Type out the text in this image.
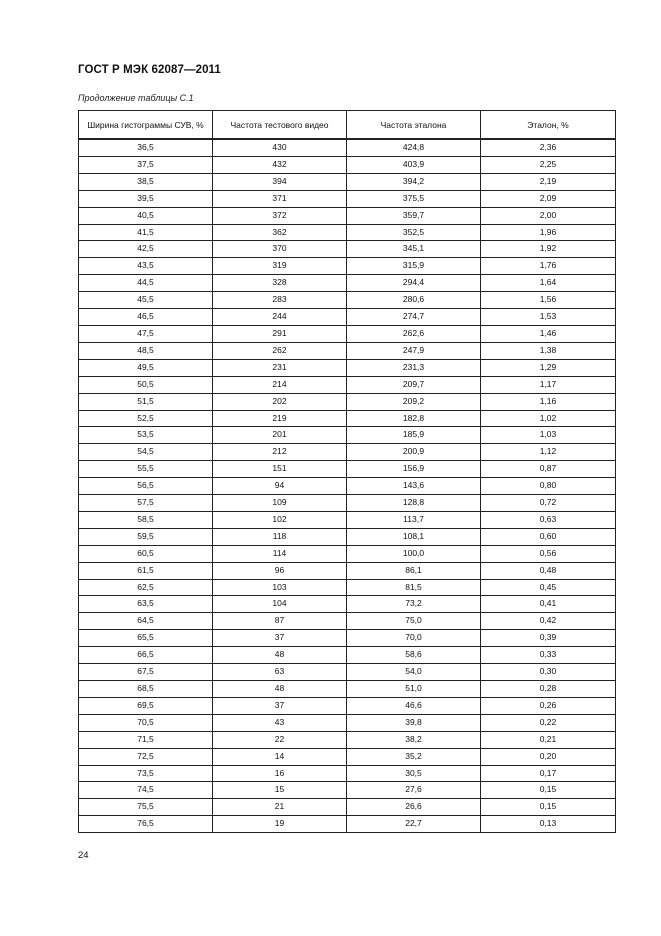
ГОСТ Р МЭК 62087—2011
Продолжение таблицы С.1
Ширина гистограммы СУВ, %	Частота тестового видео	Частота эталона	Эталон, %
36,5	430	424,8	2,36
37,5	432	403,9	2,25
38,5	394	394,2	2,19
39,5	371	375,5	2,09
40,5	372	359,7	2,00
41,5	362	352,5	1,96
42,5	370	345,1	1,92
43,5	319	315,9	1,76
44,5	328	294,4	1,64
45,5	283	280,6	1,56
46,5	244	274,7	1,53
47,5	291	262,6	1,46
48,5	262	247,9	1,38
49,5	231	231,3	1,29
50,5	214	209,7	1,17
51,5	202	209,2	1,16
52,5	219	182,8	1,02
53,5	201	185,9	1,03
54,5	212	200,9	1,12
55,5	151	156,9	0,87
56,5	94	143,6	0,80
57,5	109	128,8	0,72
58,5	102	113,7	0,63
59,5	118	108,1	0,60
60,5	114	100,0	0,56
61,5	96	86,1	0,48
62,5	103	81,5	0,45
63,5	104	73,2	0,41
64,5	87	75,0	0,42
65,5	37	70,0	0,39
66,5	48	58,6	0,33
67,5	63	54,0	0,30
68,5	48	51,0	0,28
69,5	37	46,6	0,26
70,5	43	39,8	0,22
71,5	22	38,2	0,21
72,5	14	35,2	0,20
73,5	16	30,5	0,17
74,5	15	27,6	0,15
75,5	21	26,6	0,15
76,5	19	22,7	0,13
24
